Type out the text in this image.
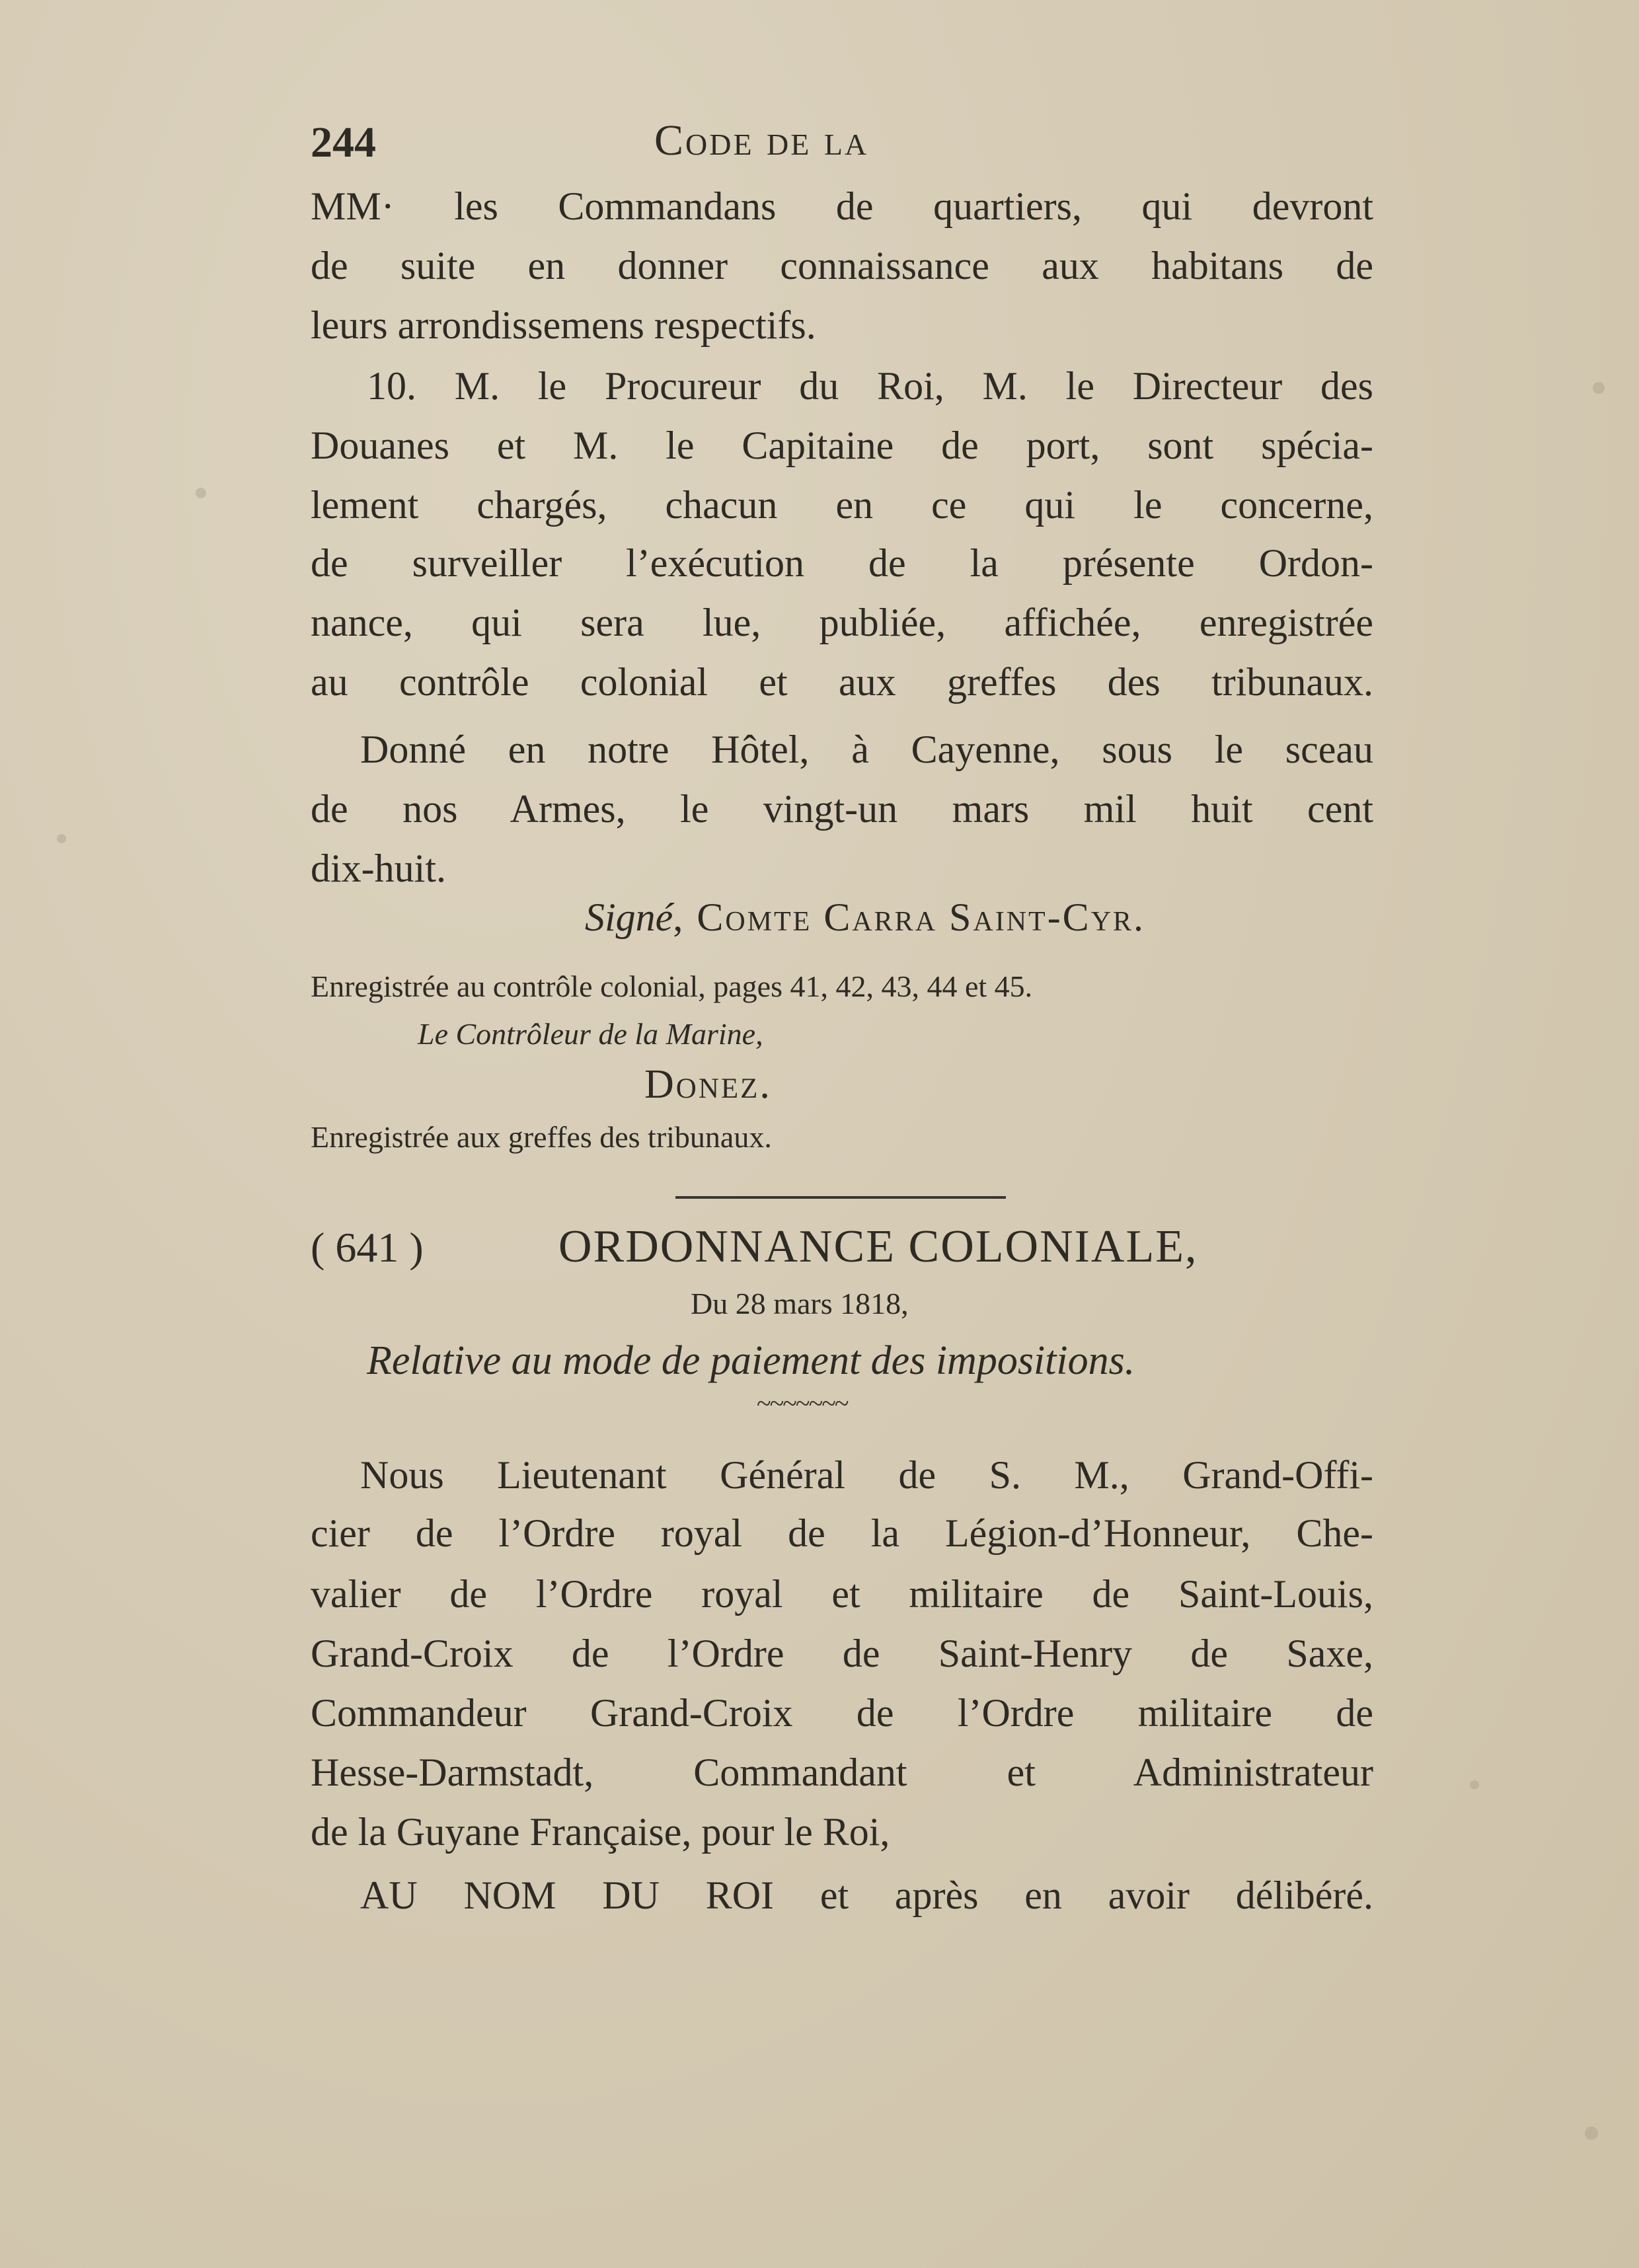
244	Code de la
MM· les Commandans de quartiers, qui devront
de suite en donner connaissance aux habitans de
leurs arrondissemens respectifs.
10. M. le Procureur du Roi, M. le Directeur des
Douanes et M. le Capitaine de port, sont spécia-
lement chargés, chacun en ce qui le concerne,
de surveiller l’exécution de la présente Ordon-
nance, qui sera lue, publiée, affichée, enregistrée
au contrôle colonial et aux greffes des tribunaux.
Donné en notre Hôtel, à Cayenne, sous le sceau
de nos Armes, le vingt-un mars mil huit cent
dix-huit.
Signé, Comte Carra Saint-Cyr.
Enregistrée au contrôle colonial, pages 41, 42, 43, 44 et 45.
Le Contrôleur de la Marine,
Donez.
Enregistrée aux greffes des tribunaux.
( 641 )	ORDONNANCE COLONIALE,
Du 28 mars 1818,
Relative au mode de paiement des impositions.
~~~~~~~
Nous Lieutenant Général de S. M., Grand-Offi-
cier de l’Ordre royal de la Légion-d’Honneur, Che-
valier de l’Ordre royal et militaire de Saint-Louis,
Grand-Croix de l’Ordre de Saint-Henry de Saxe,
Commandeur Grand-Croix de l’Ordre militaire de
Hesse-Darmstadt, Commandant et Administrateur
de la Guyane Française, pour le Roi,
AU NOM DU ROI et après en avoir délibéré.
